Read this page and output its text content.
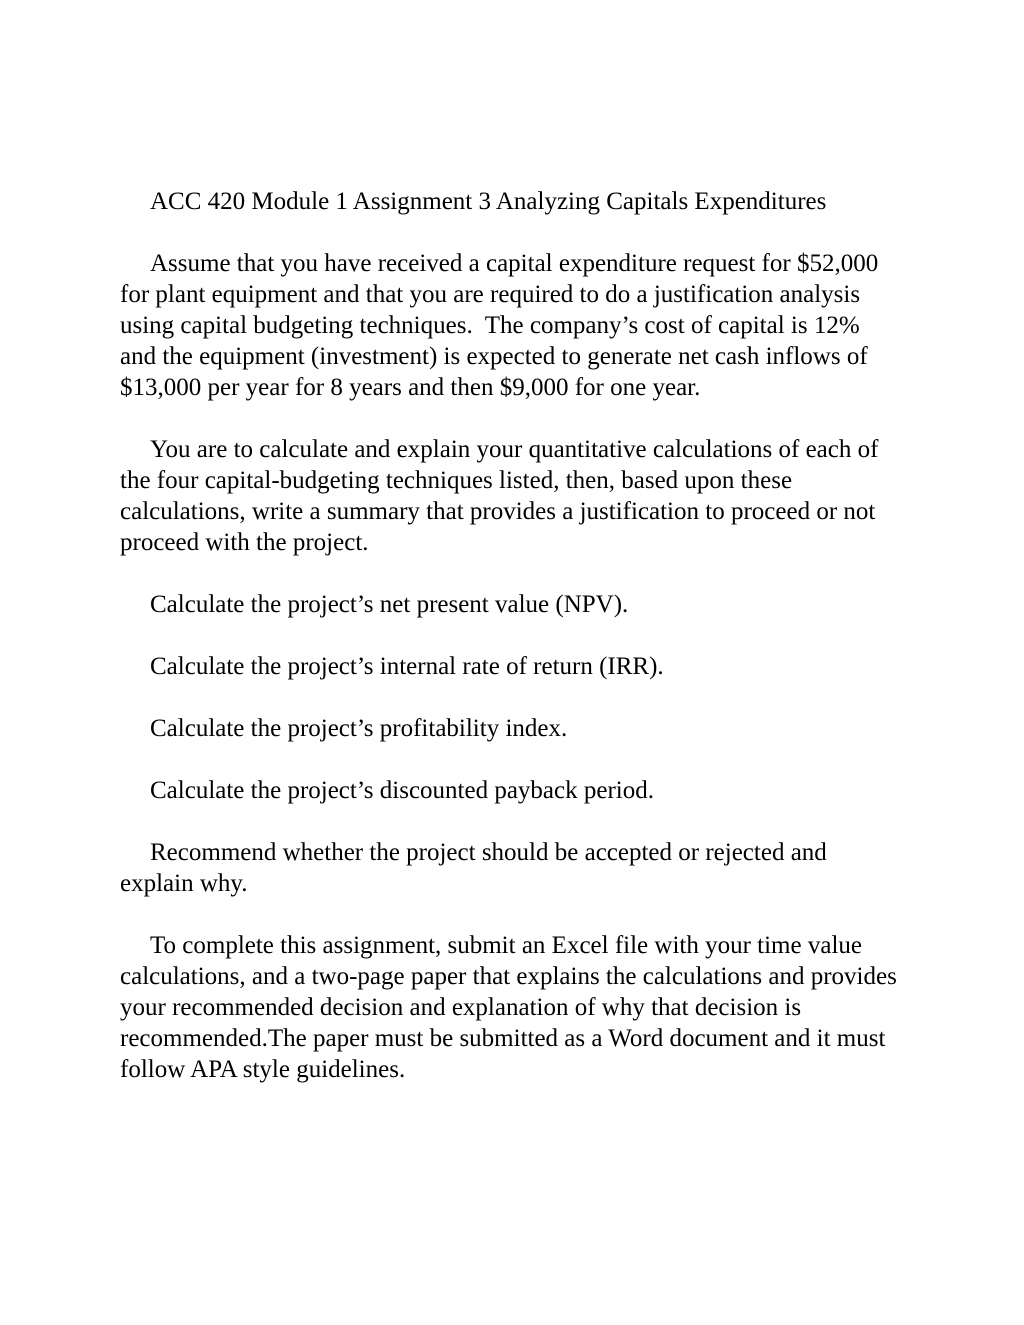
ACC 420 Module 1 Assignment 3 Analyzing Capitals Expenditures

Assume that you have received a capital expenditure request for $52,000 for plant equipment and that you are required to do a justification analysis using capital budgeting techniques.  The company’s cost of capital is 12% and the equipment (investment) is expected to generate net cash inflows of $13,000 per year for 8 years and then $9,000 for one year.

You are to calculate and explain your quantitative calculations of each of the four capital-budgeting techniques listed, then, based upon these calculations, write a summary that provides a justification to proceed or not proceed with the project.

Calculate the project’s net present value (NPV).

Calculate the project’s internal rate of return (IRR).

Calculate the project’s profitability index.

Calculate the project’s discounted payback period.

Recommend whether the project should be accepted or rejected and explain why.

To complete this assignment, submit an Excel file with your time value calculations, and a two-page paper that explains the calculations and provides your recommended decision and explanation of why that decision is recommended.The paper must be submitted as a Word document and it must follow APA style guidelines.
